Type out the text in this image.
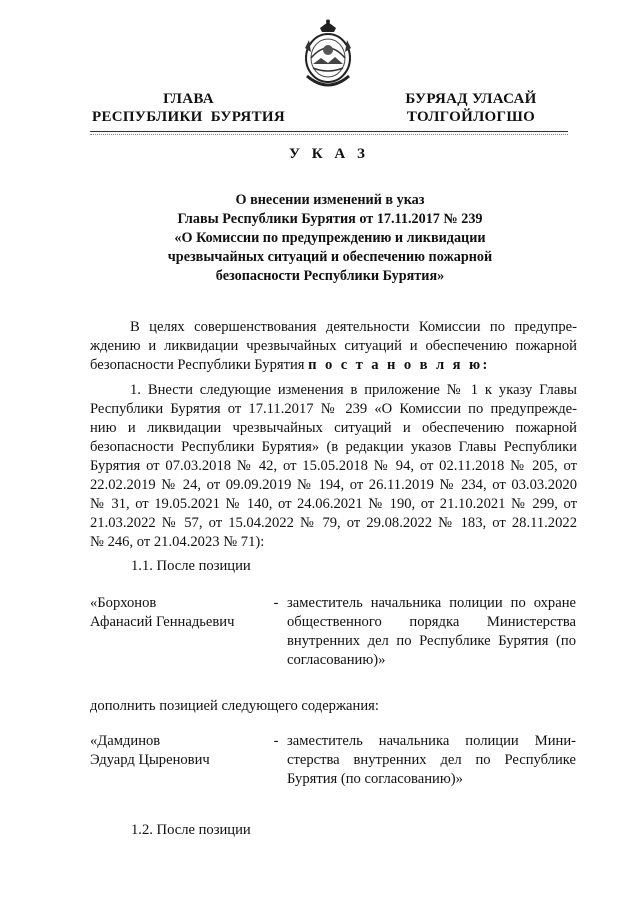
ГЛАВА
РЕСПУБЛИКИ  БУРЯТИЯ
БУРЯАД УЛАСАЙ
ТОЛГОЙЛОГШО
У К А З
О внесении изменений в указ
Главы Республики Бурятия от 17.11.2017 № 239
«О Комиссии по предупреждению и ликвидации
чрезвычайных ситуаций и обеспечению пожарной
безопасности Республики Бурятия»
В целях совершенствования деятельности Комиссии по предупре-
ждению и ликвидации чрезвычайных ситуаций и обеспечению пожарной
безопасности Республики Бурятия п о с т а н о в л я ю:
1. Внести следующие изменения в приложение № 1 к указу Главы
Республики Бурятия от 17.11.2017 № 239 «О Комиссии по предупрежде-
нию и ликвидации чрезвычайных ситуаций и обеспечению пожарной
безопасности Республики Бурятия» (в редакции указов Главы Республики
Бурятия от 07.03.2018 № 42, от 15.05.2018 № 94, от 02.11.2018 № 205, от
22.02.2019 № 24, от 09.09.2019 № 194, от 26.11.2019 № 234, от 03.03.2020
№ 31, от 19.05.2021 № 140, от 24.06.2021 № 190, от 21.10.2021 № 299, от
21.03.2022 № 57, от 15.04.2022 № 79, от 29.08.2022 № 183, от 28.11.2022
№ 246, от 21.04.2023 № 71):
1.1. После позиции
«Борхонов
Афанасий Геннадьевич
- заместитель начальника полиции по охране
общественного порядка Министерства
внутренних дел по Республике Бурятия (по
согласованию)»
дополнить позицией следующего содержания:
«Дамдинов
Эдуард Цыренович
- заместитель начальника полиции Мини-
стерства внутренних дел по Республике
Бурятия (по согласованию)»
1.2. После позиции
